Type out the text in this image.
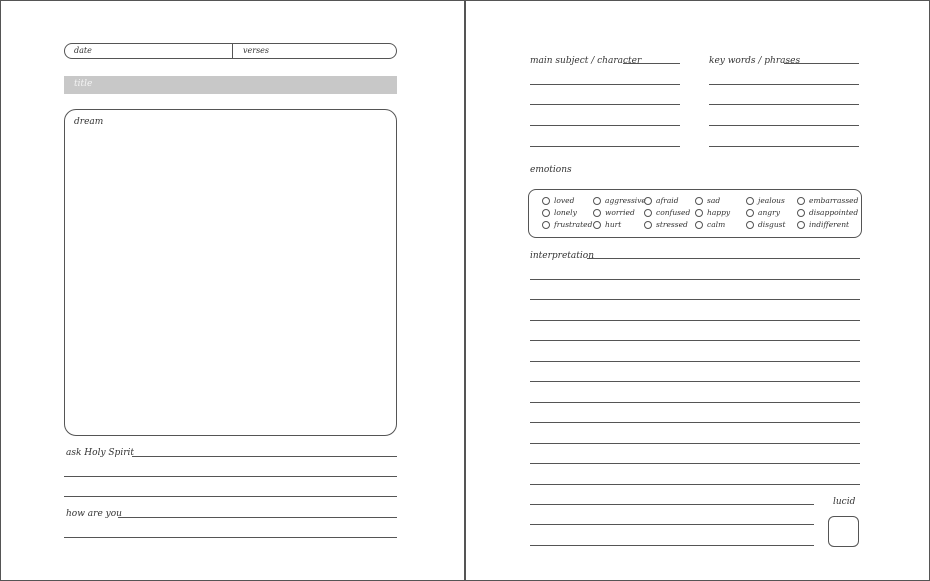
date	verses
title
dream
ask Holy Spirit
how are you
main subject / character	key words / phrases
emotions
loved
lonely
frustrated
aggressive
worried
hurt
afraid
confused
stressed
sad
happy
calm
jealous
angry
disgust
embarrassed
disappointed
indifferent
interpretation
lucid
